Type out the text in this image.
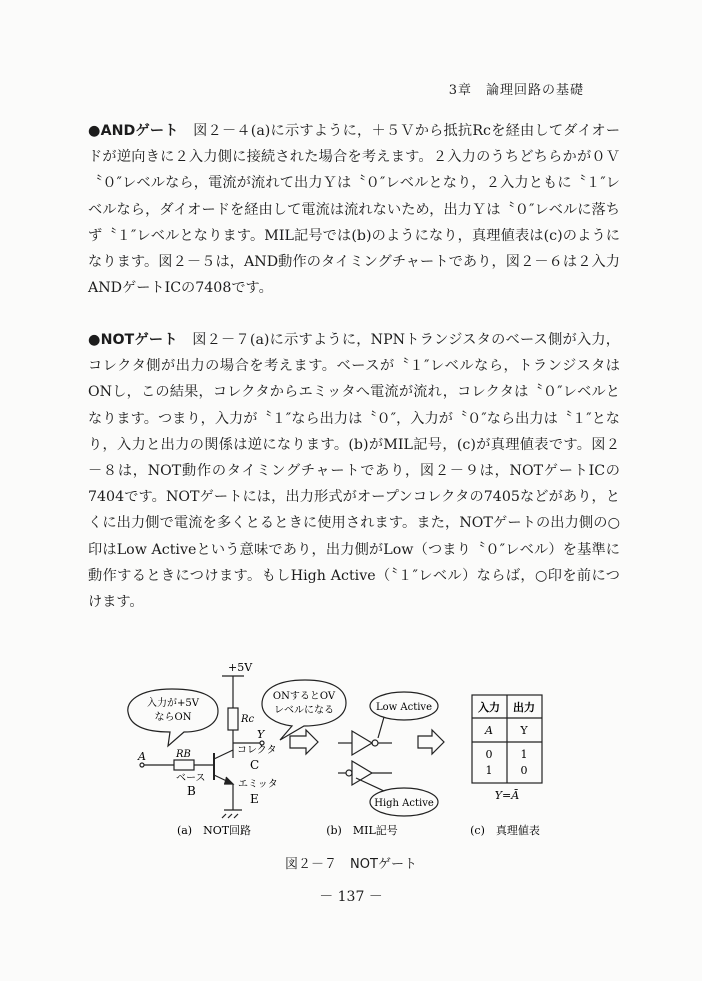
3章　論理回路の基礎

●ANDゲート　図２－４(a)に示すように，＋５Ｖから抵抗Rcを経由してダイオードが逆向きに２入力側に接続された場合を考えます。２入力のうちどちらかが０Ｖ〝０″レベルなら，電流が流れて出力Ｙは〝０″レベルとなり，２入力ともに〝１″レベルなら，ダイオードを経由して電流は流れないため，出力Ｙは〝０″レベルに落ちず〝１″レベルとなります。MIL記号では(b)のようになり，真理値表は(c)のようになります。図２－５は，AND動作のタイミングチャートであり，図２－６は２入力ANDゲートICの7408です。

●NOTゲート　図２－７(a)に示すように，NPNトランジスタのベース側が入力，コレクタ側が出力の場合を考えます。ベースが〝１″レベルなら，トランジスタはONし，この結果，コレクタからエミッタへ電流が流れ，コレクタは〝０″レベルとなります。つまり，入力が〝１″なら出力は〝０″，入力が〝０″なら出力は〝１″となり，入力と出力の関係は逆になります。(b)がMIL記号，(c)が真理値表です。図２－８は，NOT動作のタイミングチャートであり，図２－９は，NOTゲートICの7404です。NOTゲートには，出力形式がオープンコレクタの7405などがあり，とくに出力側で電流を多くとるときに使用されます。また，NOTゲートの出力側の○印はLow Activeという意味であり，出力側がLow（つまり〝０″レベル）を基準に動作するときにつけます。もしHigh Active（〝１″レベル）ならば，○印を前につけます。

+5V
入力が+5V
ならON
ONするとOV
レベルになる
Rc
Y
コレクタ
C
RB
A
ベース
B	エミッタ
E
Low Active
High Active
入力 出力
A Y
0	1
1	0
Y=Ā
(a)　NOT回路	(b)　MIL記号	(c)　真理値表
図２－７　NOTゲート
－ 137 －
